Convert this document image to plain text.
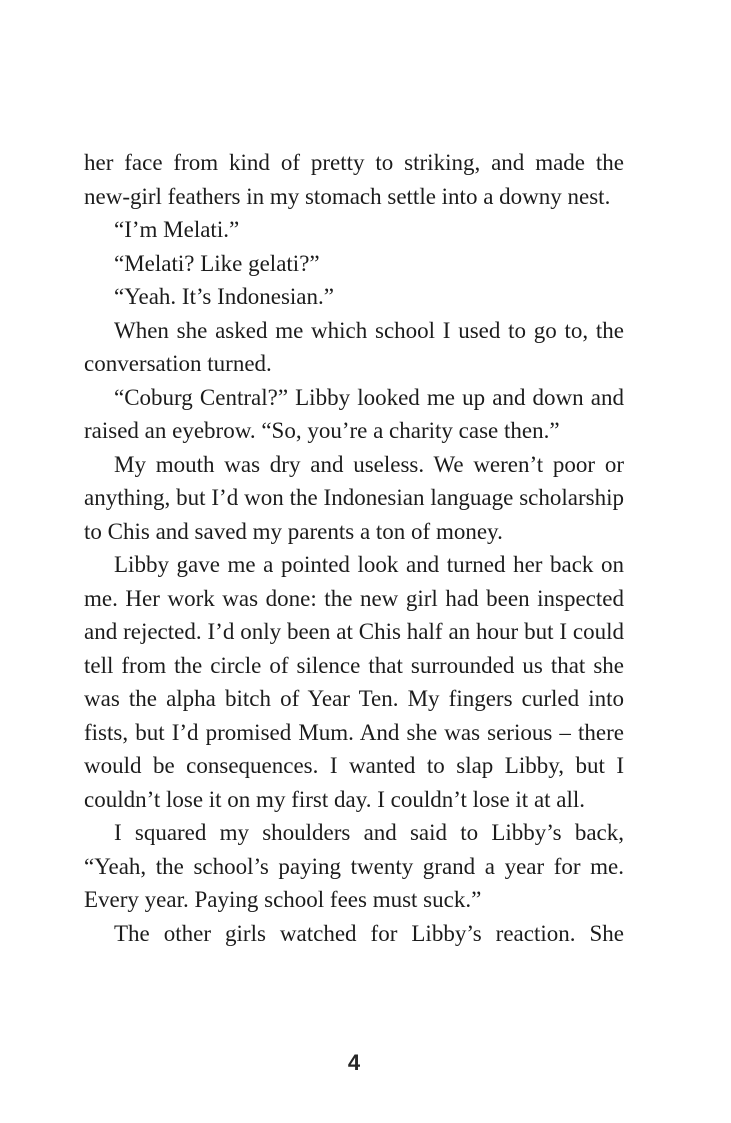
her face from kind of pretty to striking, and made the new-girl feathers in my stomach settle into a downy nest.

“I’m Melati.”

“Melati? Like gelati?”

“Yeah. It’s Indonesian.”

When she asked me which school I used to go to, the conversation turned.

“Coburg Central?” Libby looked me up and down and raised an eyebrow. “So, you’re a charity case then.”

My mouth was dry and useless. We weren’t poor or anything, but I’d won the Indonesian language scholarship to Chis and saved my parents a ton of money.

Libby gave me a pointed look and turned her back on me. Her work was done: the new girl had been inspected and rejected. I’d only been at Chis half an hour but I could tell from the circle of silence that surrounded us that she was the alpha bitch of Year Ten. My fingers curled into fists, but I’d promised Mum. And she was serious – there would be consequences. I wanted to slap Libby, but I couldn’t lose it on my first day. I couldn’t lose it at all.

I squared my shoulders and said to Libby’s back, “Yeah, the school’s paying twenty grand a year for me. Every year. Paying school fees must suck.”

The other girls watched for Libby’s reaction. She

4
